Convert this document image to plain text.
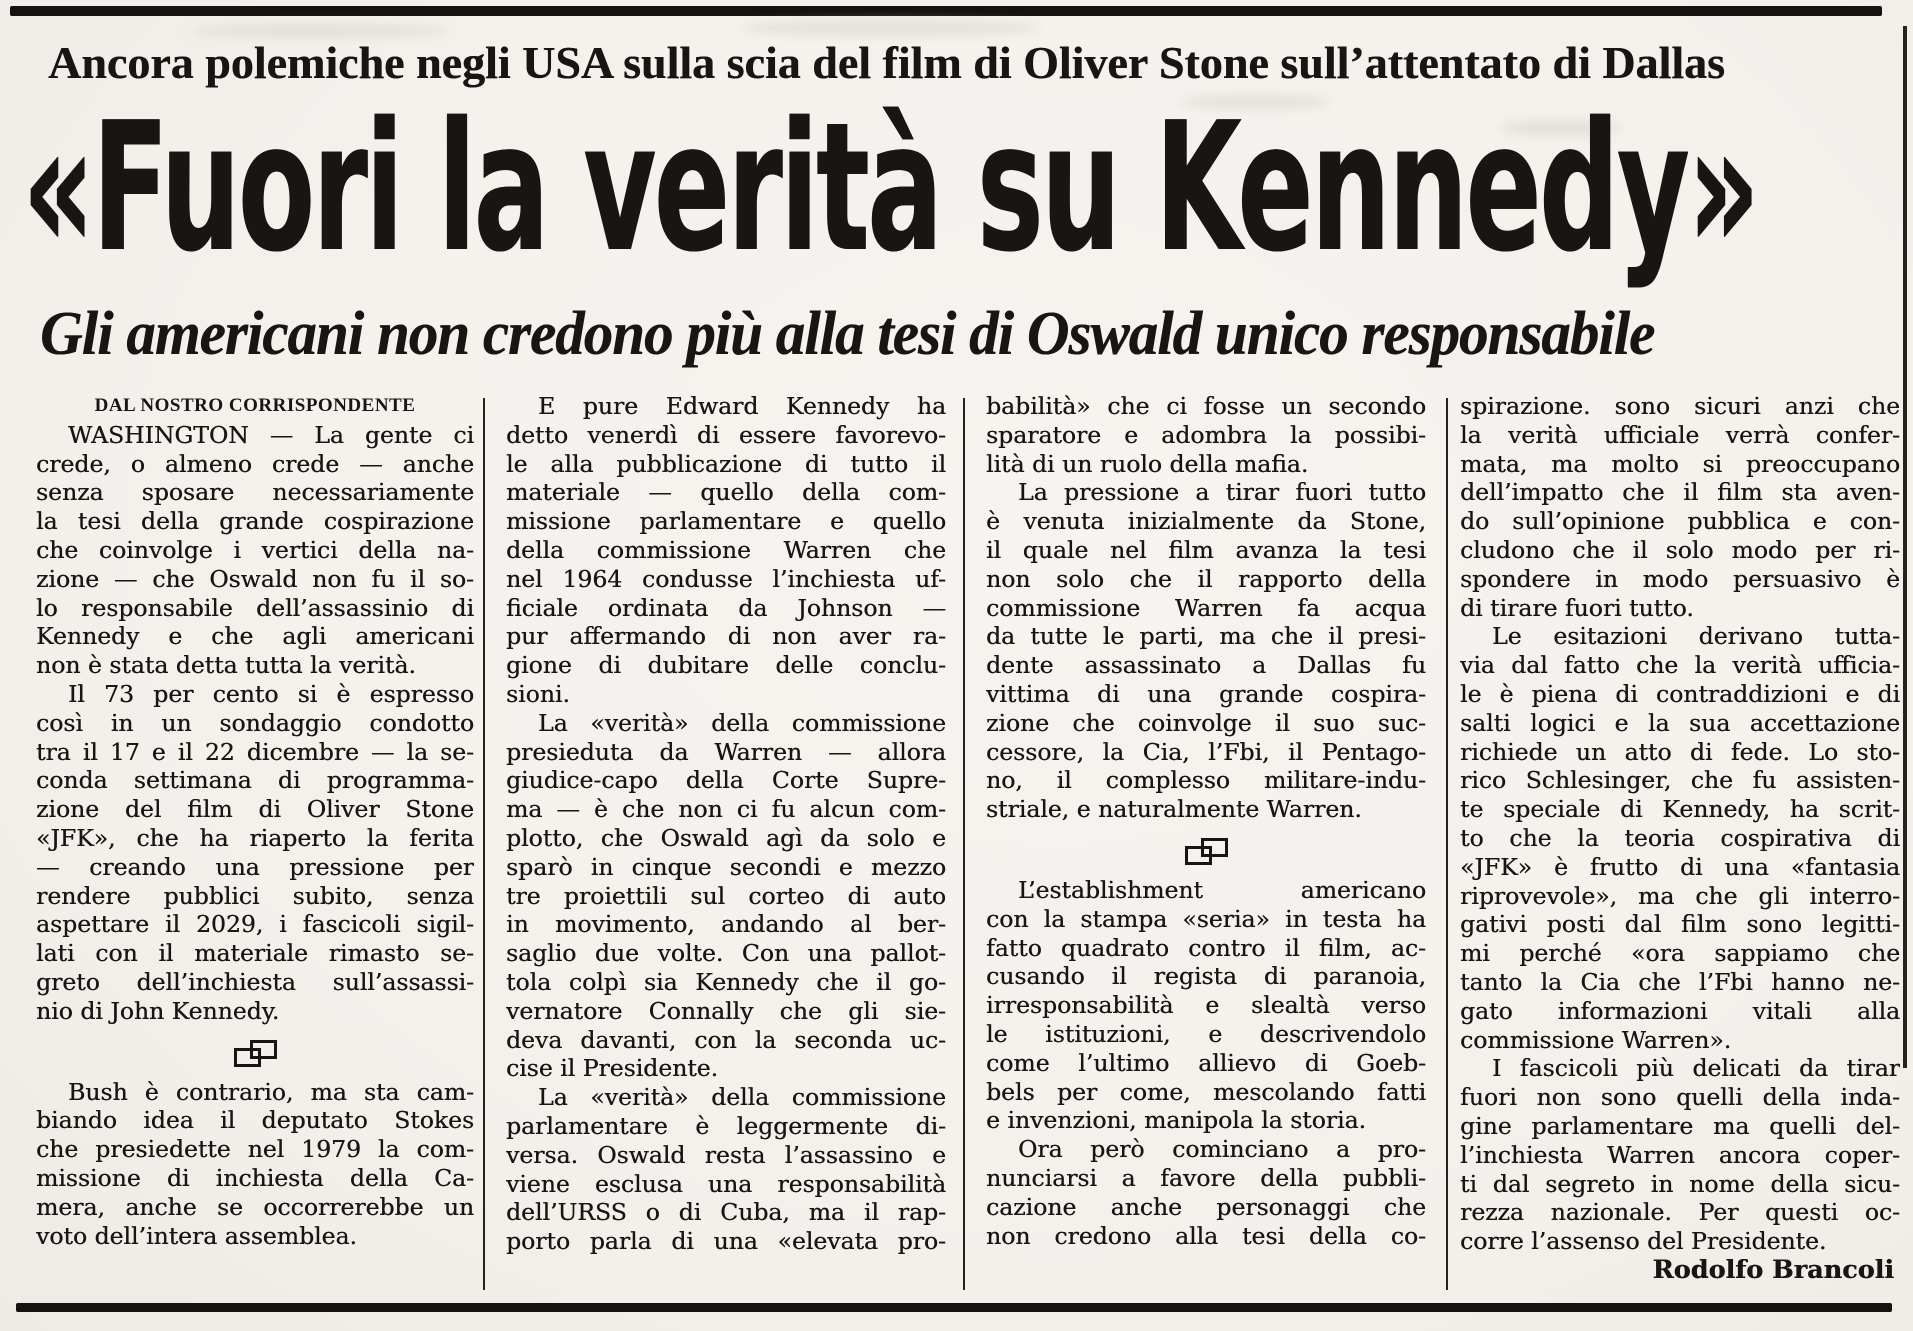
Ancora polemiche negli USA sulla scia del film di Oliver Stone sull’attentato di Dallas
«Fuori la verità su Kennedy»
Gli americani non credono più alla tesi di Oswald unico responsabile
DAL NOSTRO CORRISPONDENTE
WASHINGTON — La gente ci
crede, o almeno crede — anche
senza sposare necessariamente
la tesi della grande cospirazione
che coinvolge i vertici della na-
zione — che Oswald non fu il so-
lo responsabile dell’assassinio di
Kennedy e che agli americani
non è stata detta tutta la verità.
Il 73 per cento si è espresso
così in un sondaggio condotto
tra il 17 e il 22 dicembre — la se-
conda settimana di programma-
zione del film di Oliver Stone
«JFK», che ha riaperto la ferita
— creando una pressione per
rendere pubblici subito, senza
aspettare il 2029, i fascicoli sigil-
lati con il materiale rimasto se-
greto dell’inchiesta sull’assassi-
nio di John Kennedy.
Bush è contrario, ma sta cam-
biando idea il deputato Stokes
che presiedette nel 1979 la com-
missione di inchiesta della Ca-
mera, anche se occorrerebbe un
voto dell’intera assemblea.
E pure Edward Kennedy ha
detto venerdì di essere favorevo-
le alla pubblicazione di tutto il
materiale — quello della com-
missione parlamentare e quello
della commissione Warren che
nel 1964 condusse l’inchiesta uf-
ficiale ordinata da Johnson —
pur affermando di non aver ra-
gione di dubitare delle conclu-
sioni.
La «verità» della commissione
presieduta da Warren — allora
giudice-capo della Corte Supre-
ma — è che non ci fu alcun com-
plotto, che Oswald agì da solo e
sparò in cinque secondi e mezzo
tre proiettili sul corteo di auto
in movimento, andando al ber-
saglio due volte. Con una pallot-
tola colpì sia Kennedy che il go-
vernatore Connally che gli sie-
deva davanti, con la seconda uc-
cise il Presidente.
La «verità» della commissione
parlamentare è leggermente di-
versa. Oswald resta l’assassino e
viene esclusa una responsabilità
dell’URSS o di Cuba, ma il rap-
porto parla di una «elevata pro-
babilità» che ci fosse un secondo
sparatore e adombra la possibi-
lità di un ruolo della mafia.
La pressione a tirar fuori tutto
è venuta inizialmente da Stone,
il quale nel film avanza la tesi
non solo che il rapporto della
commissione Warren fa acqua
da tutte le parti, ma che il presi-
dente assassinato a Dallas fu
vittima di una grande cospira-
zione che coinvolge il suo suc-
cessore, la Cia, l’Fbi, il Pentago-
no, il complesso militare-indu-
striale, e naturalmente Warren.
L’establishment americano
con la stampa «seria» in testa ha
fatto quadrato contro il film, ac-
cusando il regista di paranoia,
irresponsabilità e slealtà verso
le istituzioni, e descrivendolo
come l’ultimo allievo di Goeb-
bels per come, mescolando fatti
e invenzioni, manipola la storia.
Ora però cominciano a pro-
nunciarsi a favore della pubbli-
cazione anche personaggi che
non credono alla tesi della co-
spirazione. sono sicuri anzi che
la verità ufficiale verrà confer-
mata, ma molto si preoccupano
dell’impatto che il film sta aven-
do sull’opinione pubblica e con-
cludono che il solo modo per ri-
spondere in modo persuasivo è
di tirare fuori tutto.
Le esitazioni derivano tutta-
via dal fatto che la verità ufficia-
le è piena di contraddizioni e di
salti logici e la sua accettazione
richiede un atto di fede. Lo sto-
rico Schlesinger, che fu assisten-
te speciale di Kennedy, ha scrit-
to che la teoria cospirativa di
«JFK» è frutto di una «fantasia
riprovevole», ma che gli interro-
gativi posti dal film sono legitti-
mi perché «ora sappiamo che
tanto la Cia che l’Fbi hanno ne-
gato informazioni vitali alla
commissione Warren».
I fascicoli più delicati da tirar
fuori non sono quelli della inda-
gine parlamentare ma quelli del-
l’inchiesta Warren ancora coper-
ti dal segreto in nome della sicu-
rezza nazionale. Per questi oc-
corre l’assenso del Presidente.
Rodolfo Brancoli
